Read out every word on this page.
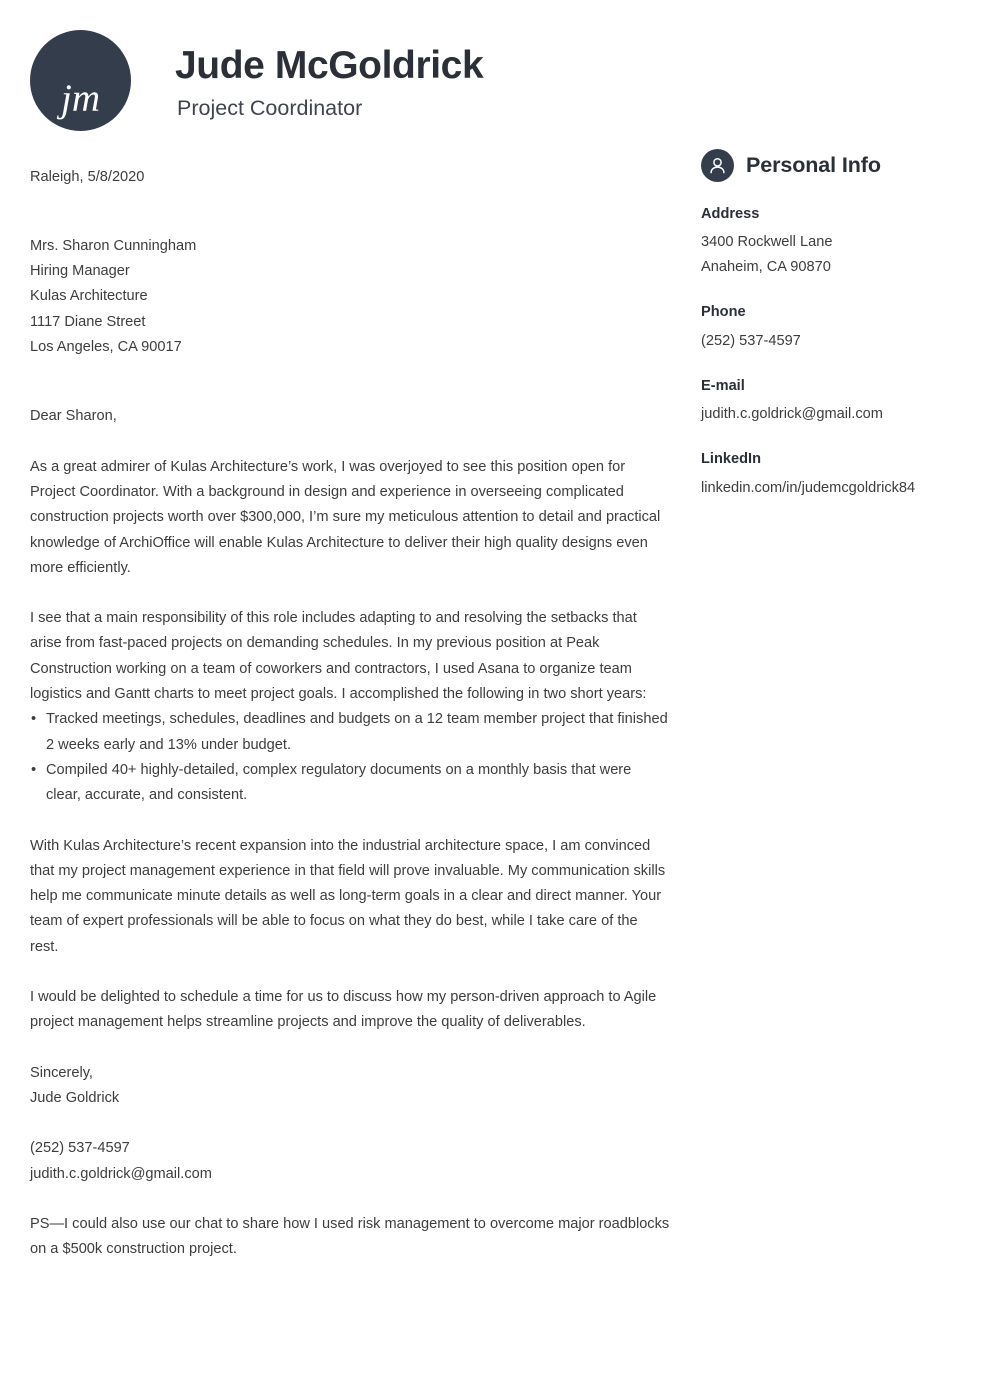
jm
Jude McGoldrick
Project Coordinator
Raleigh, 5/8/2020
Mrs. Sharon Cunningham
Hiring Manager
Kulas Architecture
1117 Diane Street
Los Angeles, CA 90017
Dear Sharon,
As a great admirer of Kulas Architecture’s work, I was overjoyed to see this position open for Project Coordinator. With a background in design and experience in overseeing complicated construction projects worth over $300,000, I’m sure my meticulous attention to detail and practical knowledge of ArchiOffice will enable Kulas Architecture to deliver their high quality designs even more efficiently.
I see that a main responsibility of this role includes adapting to and resolving the setbacks that arise from fast-paced projects on demanding schedules. In my previous position at Peak Construction working on a team of coworkers and contractors, I used Asana to organize team logistics and Gantt charts to meet project goals. I accomplished the following in two short years:
• Tracked meetings, schedules, deadlines and budgets on a 12 team member project that finished 2 weeks early and 13% under budget.
• Compiled 40+ highly-detailed, complex regulatory documents on a monthly basis that were clear, accurate, and consistent.
With Kulas Architecture’s recent expansion into the industrial architecture space, I am convinced that my project management experience in that field will prove invaluable. My communication skills help me communicate minute details as well as long-term goals in a clear and direct manner. Your team of expert professionals will be able to focus on what they do best, while I take care of the rest.
I would be delighted to schedule a time for us to discuss how my person-driven approach to Agile project management helps streamline projects and improve the quality of deliverables.
Sincerely,
Jude Goldrick
(252) 537-4597
judith.c.goldrick@gmail.com
PS—I could also use our chat to share how I used risk management to overcome major roadblocks on a $500k construction project.
Personal Info
Address
3400 Rockwell Lane
Anaheim, CA 90870
Phone
(252) 537-4597
E-mail
judith.c.goldrick@gmail.com
LinkedIn
linkedin.com/in/judemcgoldrick84
